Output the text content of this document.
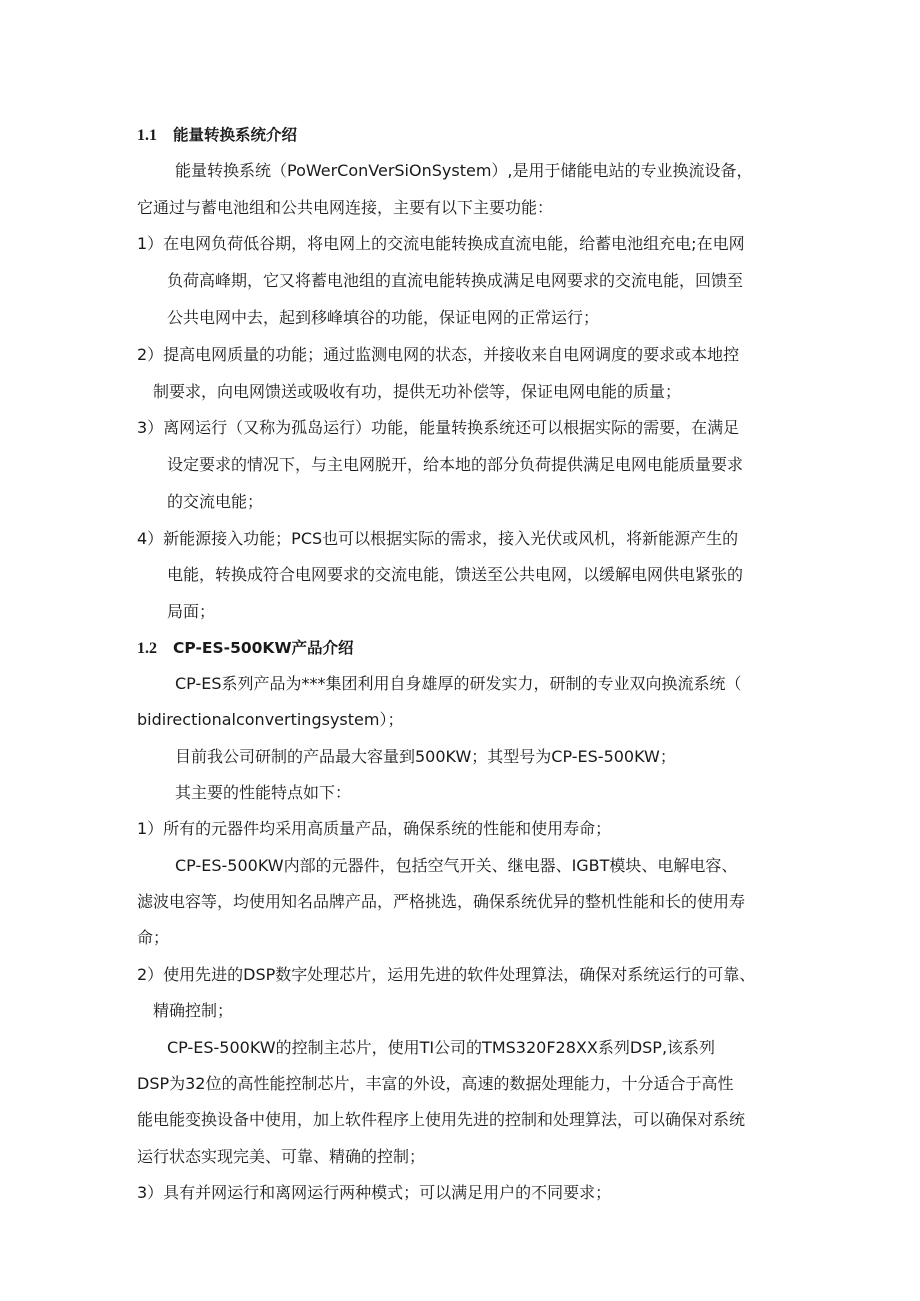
1.1 能量转换系统介绍
能量转换系统（PoWerConVerSiOnSystem）,是用于储能电站的专业换流设备，
它通过与蓄电池组和公共电网连接，主要有以下主要功能：
1）在电网负荷低谷期，将电网上的交流电能转换成直流电能，给蓄电池组充电;在电网
负荷高峰期，它又将蓄电池组的直流电能转换成满足电网要求的交流电能，回馈至
公共电网中去，起到移峰填谷的功能，保证电网的正常运行；
2）提高电网质量的功能；通过监测电网的状态，并接收来自电网调度的要求或本地控
制要求，向电网馈送或吸收有功，提供无功补偿等，保证电网电能的质量；
3）离网运行（又称为孤岛运行）功能，能量转换系统还可以根据实际的需要，在满足
设定要求的情况下，与主电网脱开，给本地的部分负荷提供满足电网电能质量要求
的交流电能；
4）新能源接入功能；PCS也可以根据实际的需求，接入光伏或风机，将新能源产生的
电能，转换成符合电网要求的交流电能，馈送至公共电网，以缓解电网供电紧张的
局面；
1.2 CP-ES-500KW产品介绍
CP-ES系列产品为***集团利用自身雄厚的研发实力，研制的专业双向换流系统（
bidirectionalconvertingsystem）；
目前我公司研制的产品最大容量到500KW；其型号为CP-ES-500KW；
其主要的性能特点如下：
1）所有的元器件均采用高质量产品，确保系统的性能和使用寿命；
CP-ES-500KW内部的元器件，包括空气开关、继电器、IGBT模块、电解电容、
滤波电容等，均使用知名品牌产品，严格挑选，确保系统优异的整机性能和长的使用寿
命；
2）使用先进的DSP数字处理芯片，运用先进的软件处理算法，确保对系统运行的可靠、
精确控制；
CP-ES-500KW的控制主芯片，使用TI公司的TMS320F28XX系列DSP,该系列
DSP为32位的高性能控制芯片，丰富的外设，高速的数据处理能力，十分适合于高性
能电能变换设备中使用，加上软件程序上使用先进的控制和处理算法，可以确保对系统
运行状态实现完美、可靠、精确的控制；
3）具有并网运行和离网运行两种模式；可以满足用户的不同要求；
